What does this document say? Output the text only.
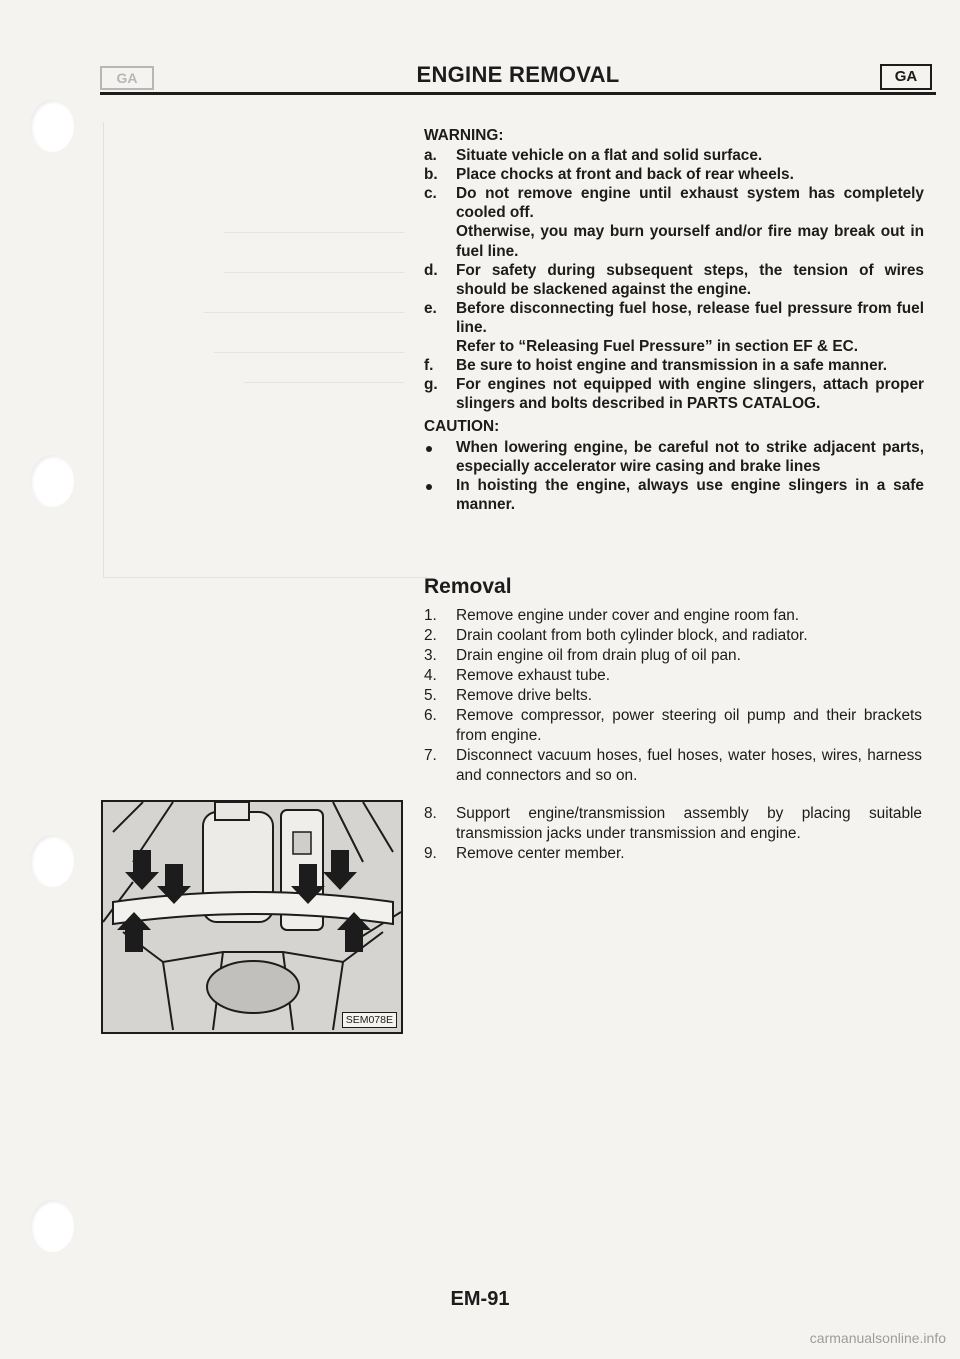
GA	ENGINE REMOVAL	GA
WARNING:
a.	Situate vehicle on a flat and solid surface.
b.	Place chocks at front and back of rear wheels.
c.	Do not remove engine until exhaust system has completely cooled off.
Otherwise, you may burn yourself and/or fire may break out in fuel line.
d.	For safety during subsequent steps, the tension of wires should be slackened against the engine.
e.	Before disconnecting fuel hose, release fuel pressure from fuel line.
Refer to “Releasing Fuel Pressure” in section EF & EC.
f.	Be sure to hoist engine and transmission in a safe manner.
g.	For engines not equipped with engine slingers, attach proper slingers and bolts described in PARTS CATALOG.
CAUTION:
When lowering engine, be careful not to strike adjacent parts, especially accelerator wire casing and brake lines
In hoisting the engine, always use engine slingers in a safe manner.
Removal
1.	Remove engine under cover and engine room fan.
2.	Drain coolant from both cylinder block, and radiator.
3.	Drain engine oil from drain plug of oil pan.
4.	Remove exhaust tube.
5.	Remove drive belts.
6.	Remove compressor, power steering oil pump and their brackets from engine.
7.	Disconnect vacuum hoses, fuel hoses, water hoses, wires, harness and connectors and so on.
8.	Support engine/transmission assembly by placing suitable transmission jacks under transmission and engine.
9.	Remove center member.
SEM078E
EM-91
carmanualsonline.info
